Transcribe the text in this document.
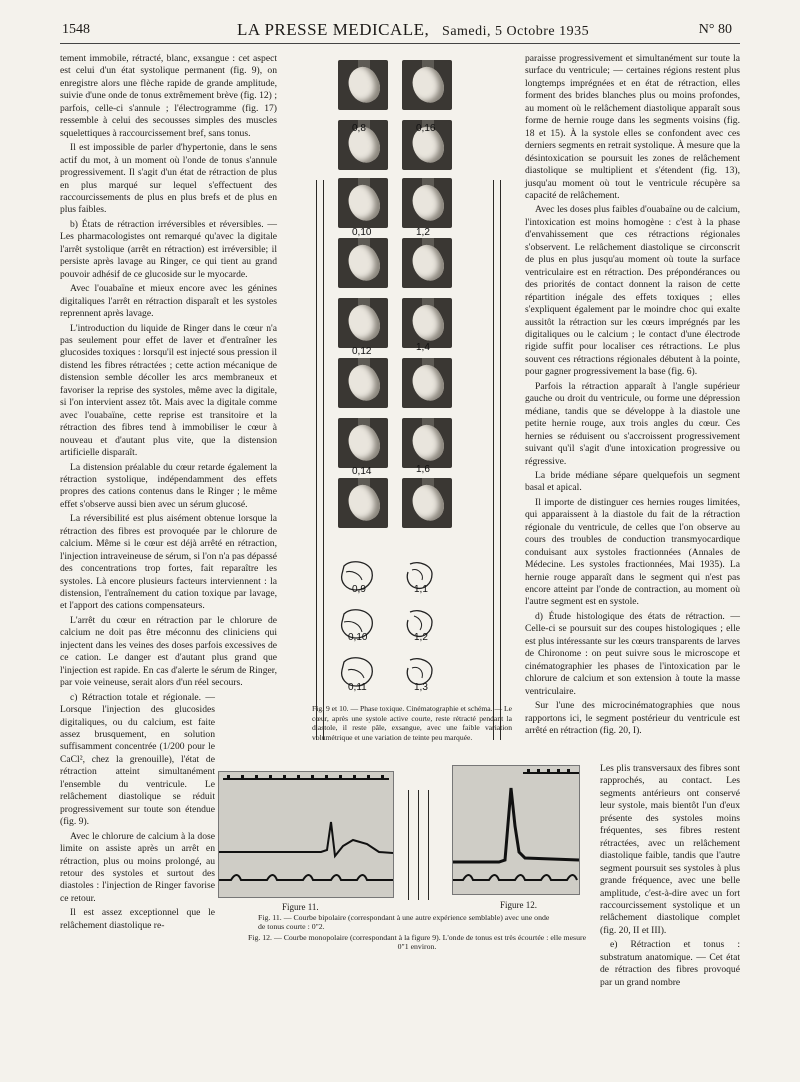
1548	LA PRESSE MEDICALE, Samedi, 5 Octobre 1935	N° 80

tement immobile, rétracté, blanc, exsangue : cet aspect est celui d'un état systolique permanent (fig. 9), on enregistre alors une flèche rapide de grande amplitude, suivie d'une onde de tonus extrêmement brève (fig. 12) ; parfois, celle-ci s'annule ; l'électrogramme (fig. 17) ressemble à celui des secousses simples des muscles squelettiques à raccourcissement bref, sans tonus.

Il est impossible de parler d'hypertonie, dans le sens actif du mot, à un moment où l'onde de tonus s'annule progressivement. Il s'agit d'un état de rétraction de plus en plus marqué sur lequel s'effectuent des raccourcissements de plus en plus brefs et de plus en plus faibles.

b) États de rétraction irréversibles et réversibles. — Les pharmacologistes ont remarqué qu'avec la digitale l'arrêt systolique (arrêt en rétraction) est irréversible; il persiste après lavage au Ringer, ce qui tient au grand pouvoir adhésif de ce glucoside sur le myocarde.

Avec l'ouabaïne et mieux encore avec les génines digitaliques l'arrêt en rétraction disparaît et les systoles reprennent après lavage.

L'introduction du liquide de Ringer dans le cœur n'a pas seulement pour effet de laver et d'entraîner les glucosides toxiques : lorsqu'il est injecté sous pression il distend les fibres rétractées ; cette action mécanique de distension semble décoller les arcs membraneux et favoriser la reprise des systoles, même avec la digitale, si l'on intervient assez tôt. Mais avec la digitale comme avec l'ouabaïne, cette reprise est transitoire et la rétraction des fibres tend à immobiliser le cœur à nouveau et d'autant plus vite, que la distension artificielle disparaît.

La distension préalable du cœur retarde également la rétraction systolique, indépendamment des effets propres des cations contenus dans le Ringer ; le même effet s'observe aussi bien avec un sérum glucosé.

La réversibilité est plus aisément obtenue lorsque la rétraction des fibres est provoquée par le chlorure de calcium. Même si le cœur est déjà arrêté en rétraction, l'injection intraveineuse de sérum, si l'on n'a pas dépassé des concentrations trop fortes, fait reparaître les systoles. Là encore plusieurs facteurs interviennent : la distension, l'entraînement du cation toxique par lavage, et l'apport des cations compensateurs.

L'arrêt du cœur en rétraction par le chlorure de calcium ne doit pas être méconnu des cliniciens qui injectent dans les veines des doses parfois excessives de ce cation. Le danger est d'autant plus grand que l'injection est rapide. En cas d'alerte le sérum de Ringer, par voie veineuse, serait alors d'un réel secours.

c) Rétraction totale et régionale. — Lorsque l'injection des glucosides digitaliques, ou du calcium, est faite assez brusquement, en solution suffisamment concentrée (1/200 pour le CaCl², chez la grenouille), l'état de rétraction atteint simultanément l'ensemble du ventricule. Le relâchement diastolique se réduit progressivement sur toute son étendue (fig. 9).

Avec le chlorure de calcium à la dose limite on assiste après un arrêt en rétraction, plus ou moins prolongé, au retour des systoles et surtout des diastoles : l'injection de Ringer favorise ce retour.

Il est assez exceptionnel que le relâchement diastolique re-

paraisse progressivement et simultanément sur toute la surface du ventricule; — certaines régions restent plus longtemps imprégnées et en état de rétraction, elles forment des brides blanches plus ou moins profondes, au moment où le relâchement diastolique apparaît sous forme de hernie rouge dans les segments voisins (fig. 18 et 15). À la systole elles se confondent avec ces derniers segments en retrait systolique. À mesure que la désintoxication se poursuit les zones de relâchement diastolique se multiplient et s'étendent (fig. 13), jusqu'au moment où tout le ventricule récupère sa capacité de relâchement.

Avec les doses plus faibles d'ouabaïne ou de calcium, l'intoxication est moins homogène : c'est à la phase d'envahissement que ces rétractions régionales s'observent. Le relâchement diastolique se circonscrit de plus en plus jusqu'au moment où toute la surface ventriculaire est en rétraction. Des prépondérances ou des priorités de contact donnent la raison de cette répartition inégale des effets toxiques ; elles s'expliquent également par le moindre choc qui exalte aussitôt la rétraction sur les cœurs imprégnés par les digitaliques ou le calcium ; le contact d'une électrode rigide suffit pour localiser ces rétractions. Le plus souvent ces rétractions régionales débutent à la pointe, pour gagner progressivement la base (fig. 6).

Parfois la rétraction apparaît à l'angle supérieur gauche ou droit du ventricule, ou forme une dépression médiane, tandis que se développe à la diastole une petite hernie rouge, aux trois angles du cœur. Ces hernies se réduisent ou s'accroissent progressivement suivant qu'il s'agit d'une intoxication progressive ou régressive.

La bride médiane sépare quelquefois un segment basal et apical.

Il importe de distinguer ces hernies rouges limitées, qui apparaissent à la diastole du fait de la rétraction régionale du ventricule, de celles que l'on observe au cours des troubles de conduction transmyocardique conduisant aux systoles fractionnées (Annales de Médecine. Les systoles fractionnées, Mai 1935). La hernie rouge apparaît dans le segment qui n'est pas encore atteint par l'onde de contraction, au moment où l'autre segment est en systole.

d) Étude histologique des états de rétraction. — Celle-ci se poursuit sur des coupes histologiques ; elle est plus intéressante sur les cœurs transparents de larves de Chironome : on peut suivre sous le microscope et cinématographier les phases de l'intoxication par le chlorure de calcium et son extension à toute la masse ventriculaire.

Sur l'une des microcinématographies que nous rapportons ici, le segment postérieur du ventricule est arrêté en rétraction (fig. 20, I).

Les plis transversaux des fibres sont rapprochés, au contact. Les segments antérieurs ont conservé leur systole, mais bientôt l'un d'eux présente des systoles moins fréquentes, ses fibres restent rétractées, avec un relâchement diastolique faible, tandis que l'autre segment poursuit ses systoles à plus grande fréquence, avec une belle amplitude, c'est-à-dire avec un fort raccourcissement systolique et un relâchement diastolique complet (fig. 20, II et III).

e) Rétraction et tonus : substratum anatomique. — Cet état de rétraction des fibres provoqué par un grand nombre

0,8	0,16
0,10	1,2
0,12	1,4
0,14	1,6
0,9	1,1
0,10	1,2
0,11	1,3
Fig. 9 et 10. — Phase toxique. Cinématographie et schéma. — Le cœur, après une systole active courte, reste rétracté pendant la diastole, il reste pâle, exsangue, avec une faible variation volumétrique et une variation de teinte peu marquée.
Figure 11.	Figure 12.
Fig. 11. — Courbe bipolaire (correspondant à une autre expérience semblable) avec une onde de tonus courte : 0"2.
Fig. 12. — Courbe monopolaire (correspondant à la figure 9). L'onde de tonus est très écourtée : elle mesure 0"1 environ.
